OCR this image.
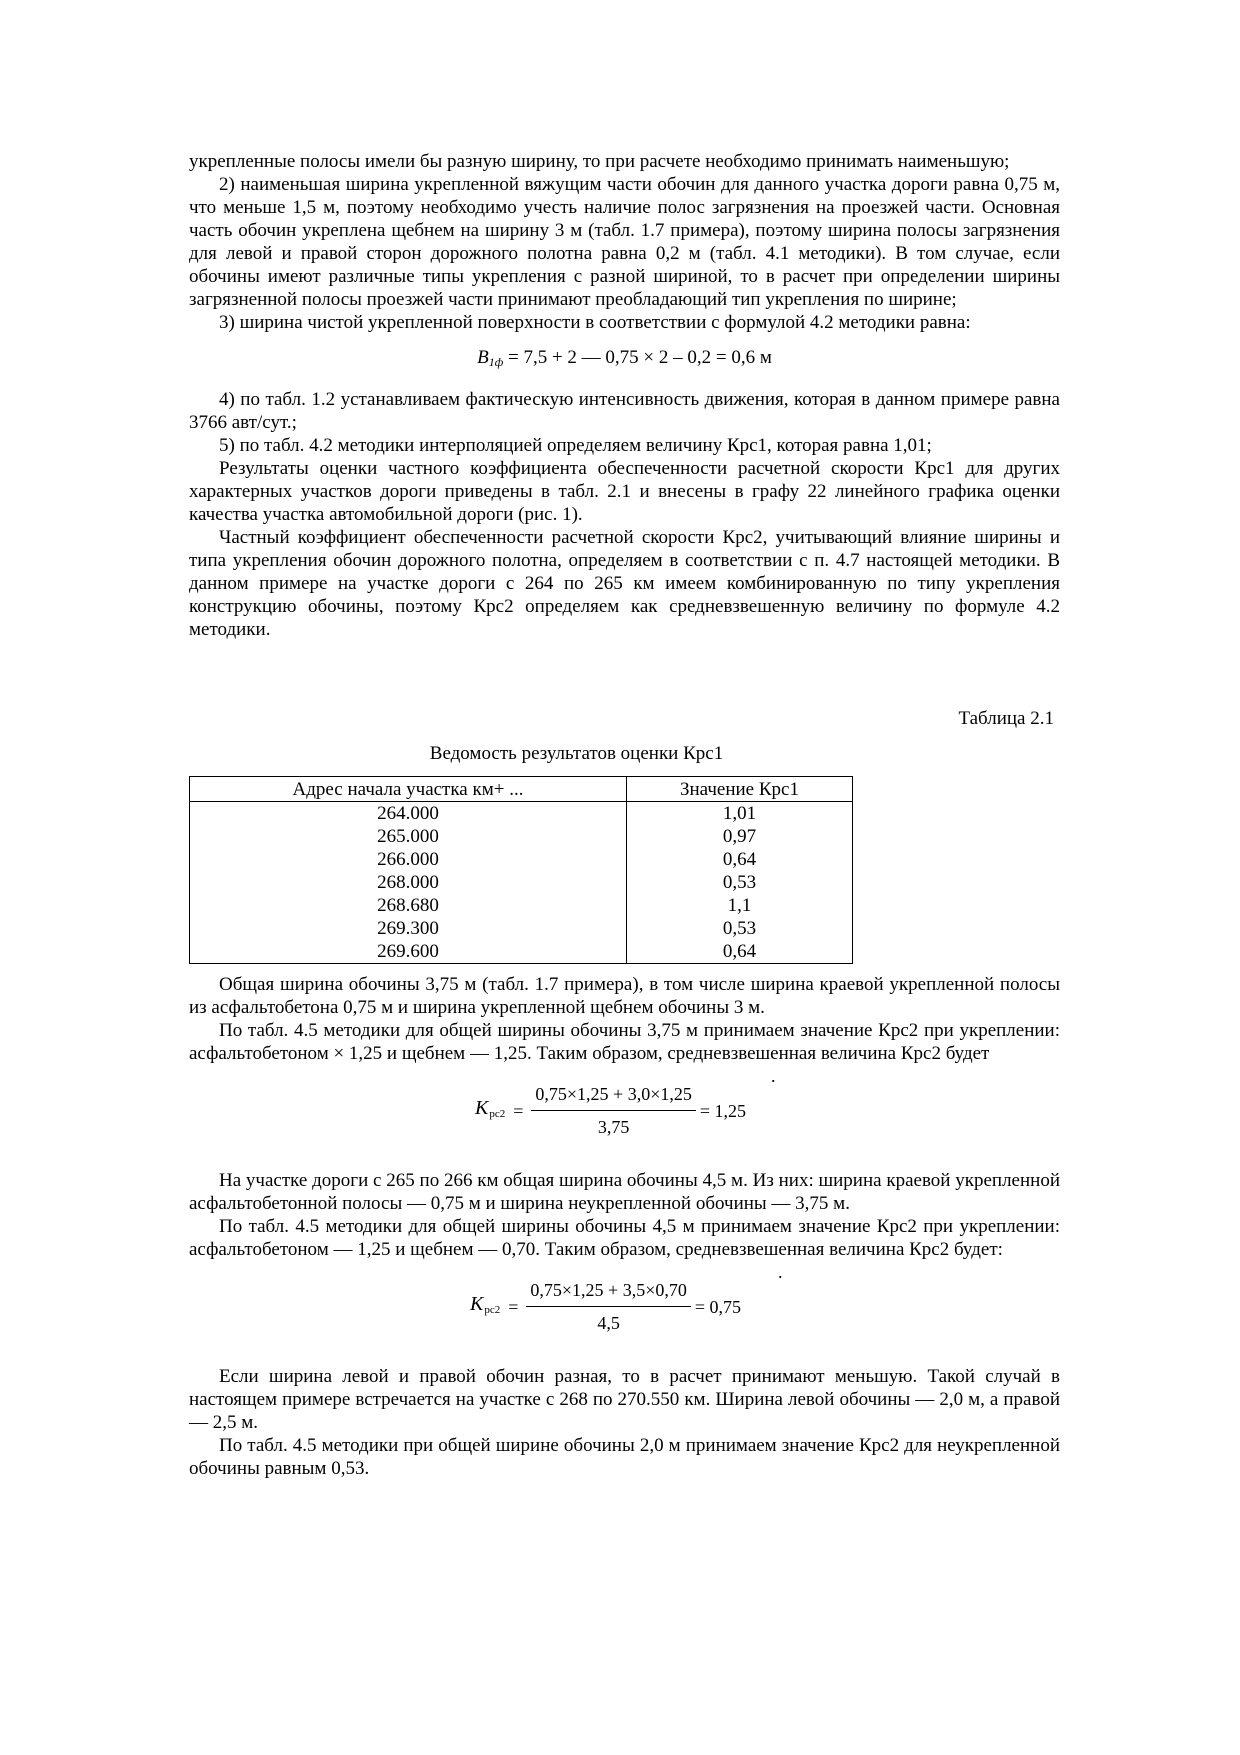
укрепленные полосы имели бы разную ширину, то при расчете необходимо принимать наименьшую;

2) наименьшая ширина укрепленной вяжущим части обочин для данного участка дороги равна 0,75 м, что меньше 1,5 м, поэтому необходимо учесть наличие полос загрязнения на проезжей части. Основная часть обочин укреплена щебнем на ширину 3 м (табл. 1.7 примера), поэтому ширина полосы загрязнения для левой и правой сторон дорожного полотна равна 0,2 м (табл. 4.1 методики). В том случае, если обочины имеют различные типы укрепления с разной шириной, то в расчет при определении ширины загрязненной полосы проезжей части принимают преобладающий тип укрепления по ширине;

3) ширина чистой укрепленной поверхности в соответствии с формулой 4.2 методики равна:

$B_{1ф} = 7,5 + 2 -- 0,75 \times 2 - 0,2 = 0,6$ м

4) по табл. 1.2 устанавливаем фактическую интенсивность движения, которая в данном примере равна 3766 авт/сут.;

5) по табл. 4.2 методики интерполяцией определяем величину Крс1, которая равна 1,01;

Результаты оценки частного коэффициента обеспеченности расчетной скорости Крс1 для других характерных участков дороги приведены в табл. 2.1 и внесены в графу 22 линейного графика оценки качества участка автомобильной дороги (рис. 1).

Частный коэффициент обеспеченности расчетной скорости Крс2, учитывающий влияние ширины и типа укрепления обочин дорожного полотна, определяем в соответствии с п. 4.7 настоящей методики. В данном примере на участке дороги с 264 по 265 км имеем комбинированную по типу укрепления конструкцию обочины, поэтому Крс2 определяем как средневзвешенную величину по формуле 4.2 методики.

Таблица 2.1
Ведомость результатов оценки Крс1
Адрес начала участка км+ ...	Значение Крс1
264.000	1,01
265.000	0,97
266.000	0,64
268.000	0,53
268.680	1,1
269.300	0,53
269.600	0,64

Общая ширина обочины 3,75 м (табл. 1.7 примера), в том числе ширина краевой укрепленной полосы из асфальтобетона 0,75 м и ширина укрепленной щебнем обочины 3 м.

По табл. 4.5 методики для общей ширины обочины 3,75 м принимаем значение Крс2 при укреплении: асфальтобетоном × 1,25 и щебнем –– 1,25. Таким образом, средневзвешенная величина Крс2 будет

.
$K_{рс2} = \frac{0,75\times 1,25 + 3,0\times 1,25}{3,75} = 1,25$

На участке дороги с 265 по 266 км общая ширина обочины 4,5 м. Из них: ширина краевой укрепленной асфальтобетонной полосы –– 0,75 м и ширина неукрепленной обочины –– 3,75 м.

По табл. 4.5 методики для общей ширины обочины 4,5 м принимаем значение Крс2 при укреплении: асфальтобетоном –– 1,25 и щебнем –– 0,70. Таким образом, средневзвешенная величина Крс2 будет:

.
$K_{рс2} = \frac{0,75\times 1,25 + 3,5\times 0,70}{4,5} = 0,75$

Если ширина левой и правой обочин разная, то в расчет принимают меньшую. Такой случай в настоящем примере встречается на участке с 268 по 270.550 км. Ширина левой обочины –– 2,0 м, а правой –– 2,5 м.

По табл. 4.5 методики при общей ширине обочины 2,0 м принимаем значение Крс2 для неукрепленной обочины равным 0,53.
